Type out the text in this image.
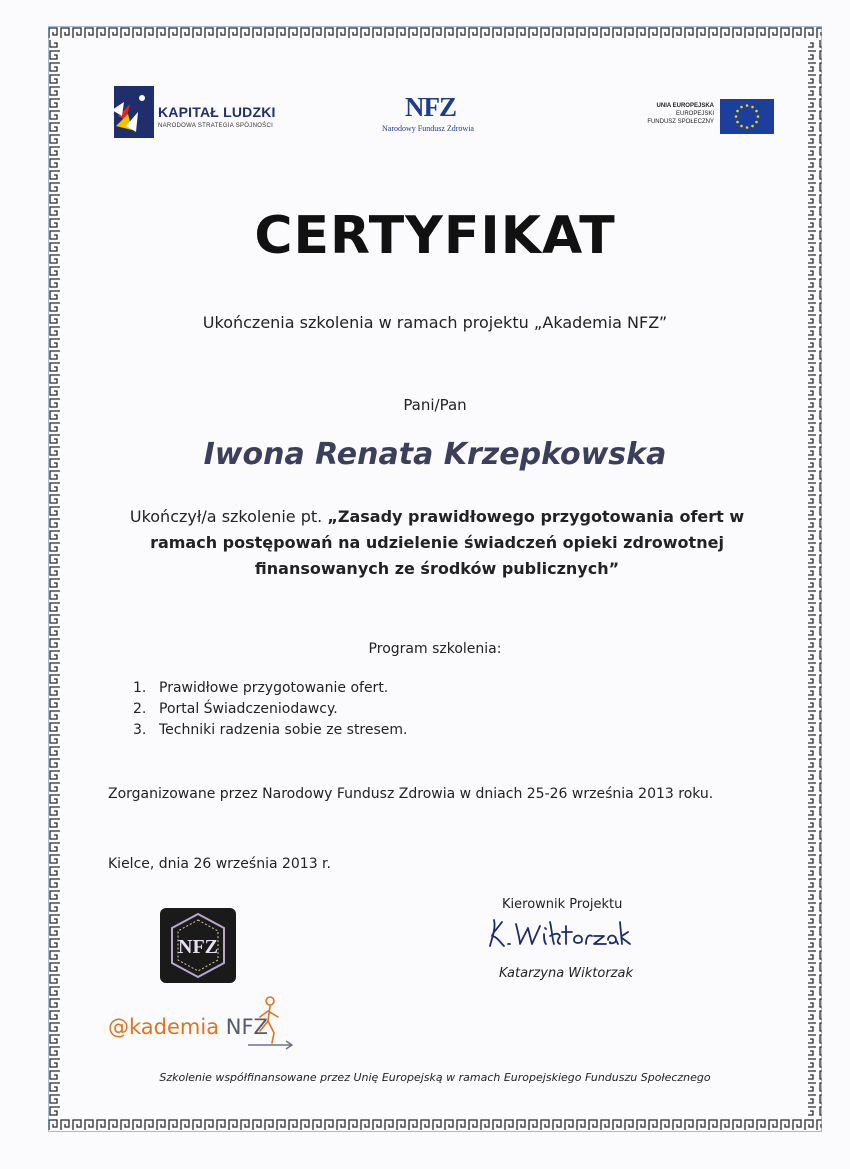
KAPITAŁ LUDZKI
NARODOWA STRATEGIA SPÓJNOŚCI
NFZ
Narodowy Fundusz Zdrowia
UNIA EUROPEJSKA
EUROPEJSKI
FUNDUSZ SPOŁECZNY
CERTYFIKAT
Ukończenia szkolenia w ramach projektu „Akademia NFZ”
Pani/Pan
Iwona Renata Krzepkowska
Ukończył/a szkolenie pt. „Zasady prawidłowego przygotowania ofert w ramach postępowań na udzielenie świadczeń opieki zdrowotnej finansowanych ze środków publicznych”
Program szkolenia:
1. Prawidłowe przygotowanie ofert.
2. Portal Świadczeniodawcy.
3. Techniki radzenia sobie ze stresem.
Zorganizowane przez Narodowy Fundusz Zdrowia w dniach 25-26 września 2013 roku.
Kielce, dnia 26 września 2013 r.
Kierownik Projektu
Katarzyna Wiktorzak
NFZ
@kademia NFZ
Szkolenie współfinansowane przez Unię Europejską w ramach Europejskiego Funduszu Społecznego
